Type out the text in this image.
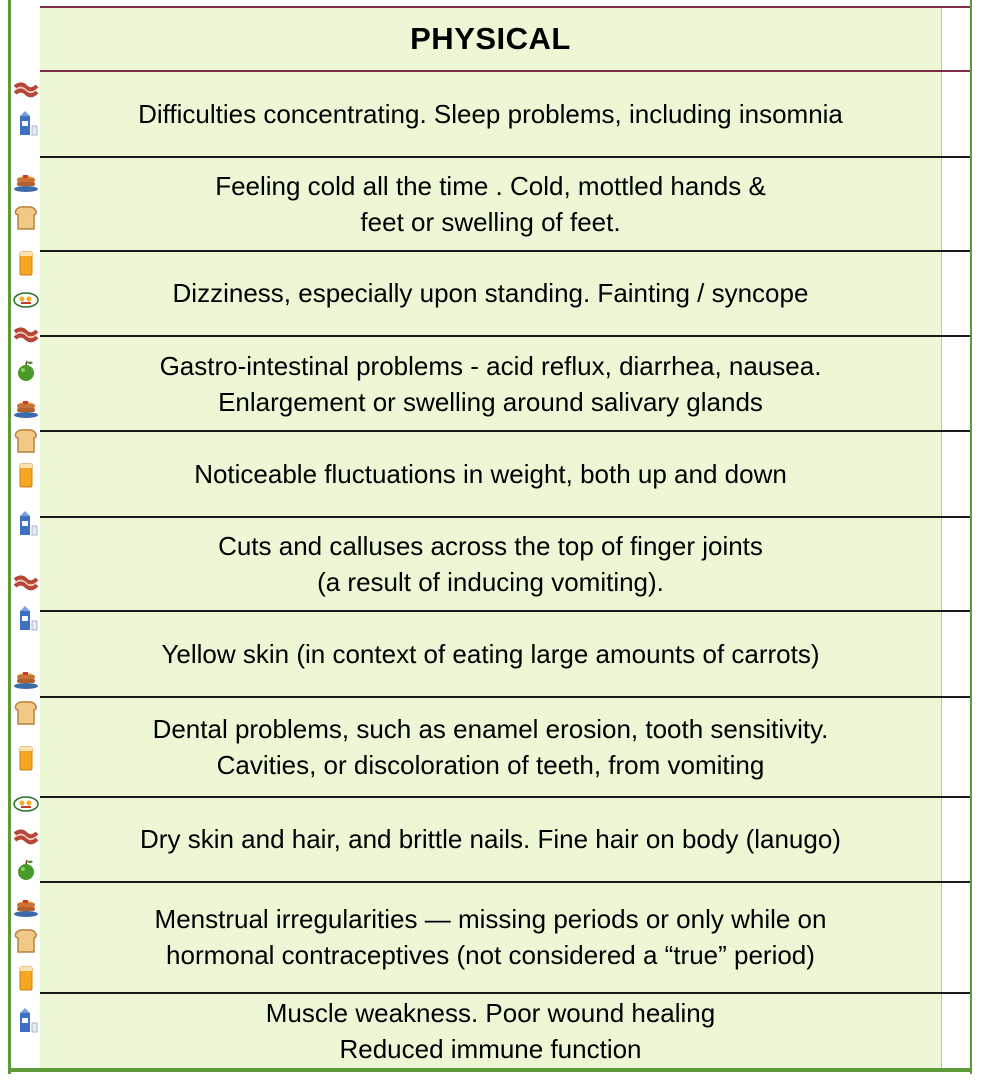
PHYSICAL
Difficulties concentrating. Sleep problems, including insomnia
Feeling cold all the time . Cold, mottled hands &
feet or swelling of feet.
Dizziness, especially upon standing. Fainting / syncope
Gastro-intestinal problems - acid reflux, diarrhea, nausea.
Enlargement or swelling around salivary glands
Noticeable fluctuations in weight, both up and down
Cuts and calluses across the top of finger joints
(a result of inducing vomiting).
Yellow skin (in context of eating large amounts of carrots)
Dental problems, such as enamel erosion, tooth sensitivity.
Cavities, or discoloration of teeth, from vomiting
Dry skin and hair, and brittle nails. Fine hair on body (lanugo)
Menstrual irregularities — missing periods or only while on
hormonal contraceptives (not considered a “true” period)
Muscle weakness. Poor wound healing
Reduced immune function
